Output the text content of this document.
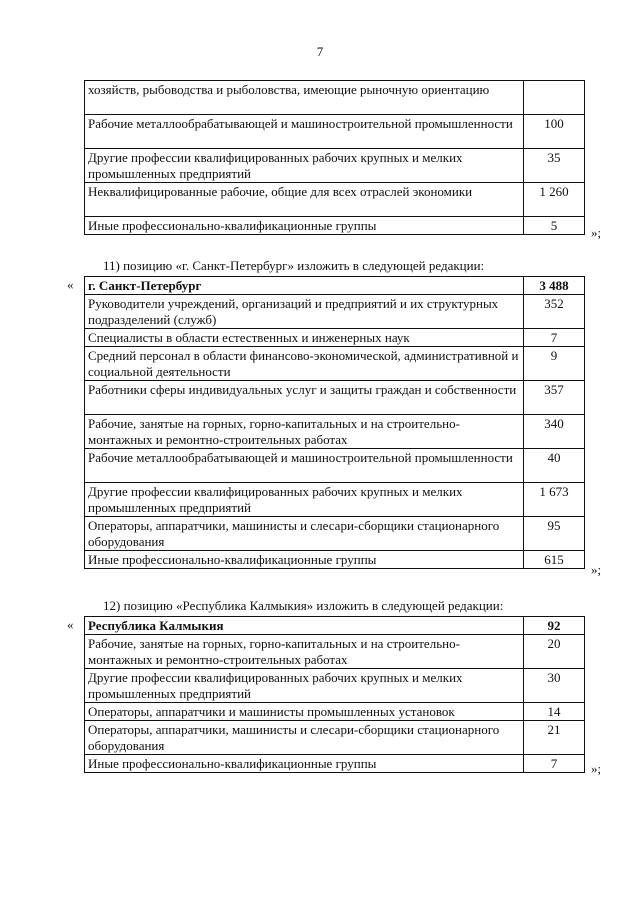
7
хозяйств, рыбоводства и рыболовства, имеющие рыночную ориентацию	
Рабочие металлообрабатывающей и машиностроительной промышленности	100
Другие профессии квалифицированных рабочих крупных и мелких промышленных предприятий	35
Неквалифицированные рабочие, общие для всех отраслей экономики	1 260
Иные профессионально-квалификационные группы	5	»;
11) позицию «г. Санкт-Петербург» изложить в следующей редакции:
« г. Санкт-Петербург	3 488
Руководители учреждений, организаций и предприятий и их структурных подразделений (служб)	352
Специалисты в области естественных и инженерных наук	7
Средний персонал в области финансово-экономической, административной и социальной деятельности	9
Работники сферы индивидуальных услуг и защиты граждан и собственности	357
Рабочие, занятые на горных, горно-капитальных и на строительно-монтажных и ремонтно-строительных работах	340
Рабочие металлообрабатывающей и машиностроительной промышленности	40
Другие профессии квалифицированных рабочих крупных и мелких промышленных предприятий	1 673
Операторы, аппаратчики, машинисты и слесари-сборщики стационарного оборудования	95
Иные профессионально-квалификационные группы	615
»;
12) позицию «Республика Калмыкия» изложить в следующей редакции:
« Республика Калмыкия	92
Рабочие, занятые на горных, горно-капитальных и на строительно-монтажных и ремонтно-строительных работах	20
Другие профессии квалифицированных рабочих крупных и мелких промышленных предприятий	30
Операторы, аппаратчики и машинисты промышленных установок	14
Операторы, аппаратчики, машинисты и слесари-сборщики стационарного оборудования	21
Иные профессионально-квалификационные группы	7	»;
